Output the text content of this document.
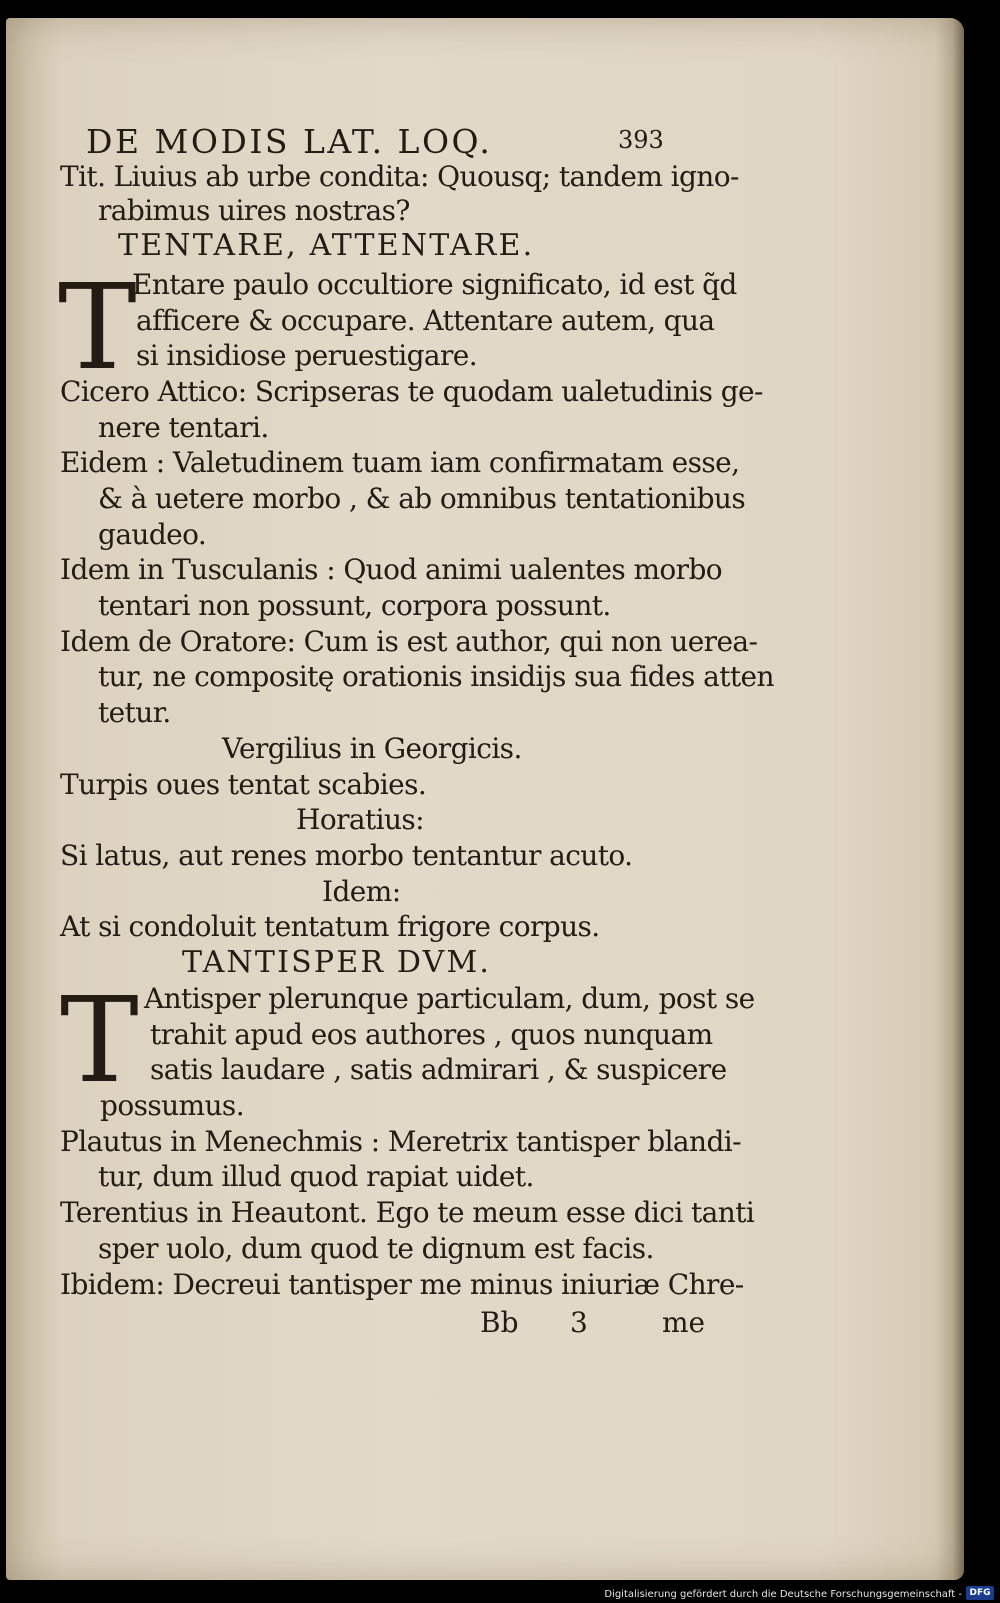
DE MODIS LAT. LOQ.	393
Tit. Liuius ab urbe condita: Quousq; tandem igno-
rabimus uires nostras?
TENTARE, ATTENTARE.
T
Entare paulo occultiore significato, id est q̃d
afficere & occupare. Attentare autem, qua
si insidiose peruestigare.
Cicero Attico: Scripseras te quodam ualetudinis ge-
nere tentari.
Eidem : Valetudinem tuam iam confirmatam esse,
& à uetere morbo , & ab omnibus tentationibus
gaudeo.
Idem in Tusculanis : Quod animi ualentes morbo
tentari non possunt, corpora possunt.
Idem de Oratore: Cum is est author, qui non uerea-
tur, ne compositę orationis insidijs sua fides atten
tetur.
Vergilius in Georgicis.
Turpis oues tentat scabies.
Horatius:
Si latus, aut renes morbo tentantur acuto.
Idem:
At si condoluit tentatum frigore corpus.
TANTISPER DVM.
T Antisper plerunque particulam, dum, post se
trahit apud eos authores , quos nunquam
satis laudare , satis admirari , & suspicere
possumus.
Plautus in Menechmis : Meretrix tantisper blandi-
tur, dum illud quod rapiat uidet.
Terentius in Heautont. Ego te meum esse dici tanti
sper uolo, dum quod te dignum est facis.
Ibidem: Decreui tantisper me minus iniuriæ Chre-
Bb 3	me
Digitalisierung gefördert durch die Deutsche Forschungsgemeinschaft - DFG
